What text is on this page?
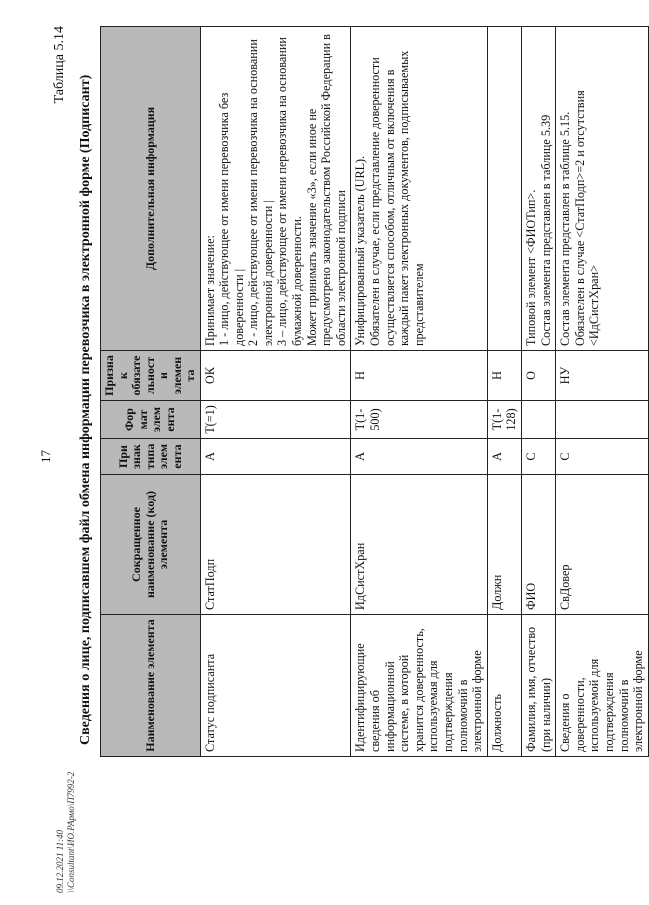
17
Таблица 5.14
Сведения о лице, подписавшем файл обмена информации перевозчика в электронной форме (Подписант)	Наименование элемента	Сокращенное наименование (код) элемента	Признак типа элемента	Формат элемента	Признак обязательности элемента	Дополнительная информация
Статус подписанта	СтатПодп	А	Т(=1)	ОК	Принимает значение:
1 - лицо, действующее от имени перевозчика без доверенности |
2 - лицо, действующее от имени перевозчика на основании электронной доверенности |
3 – лицо, действующее от имени перевозчика на основании бумажной доверенности.
Может принимать значение «3», если иное не предусмотрено законодательством Российской Федерации в области электронной подписи
Идентифицирующие сведения об информационной системе, в которой хранится доверенность, используемая для подтверждения полномочий в электронной форме	ИдСистХран	А	Т(1-500)	Н	Унифицированный указатель (URL).
Обязателен в случае, если представление доверенности осуществляется способом, отличным от включения в каждый пакет электронных документов, подписываемых представителем
Должность	Должн	А	Т(1-128)	Н	
Фамилия, имя, отчество (при наличии)	ФИО	С		О	Типовой элемент <ФИОТип>.
Состав элемента представлен в таблице 5.39
Сведения о доверенности, используемой для подтверждения полномочий в электронной форме	СвДовер	С		НУ	Состав элемента представлен в таблице 5.15.
Обязателен в случае <СтатПодп>=2 и отсутствия <ИдСистХран>
09.12.2021 11:40 \\Consultant\ИО.РАрмо\П7992-2
